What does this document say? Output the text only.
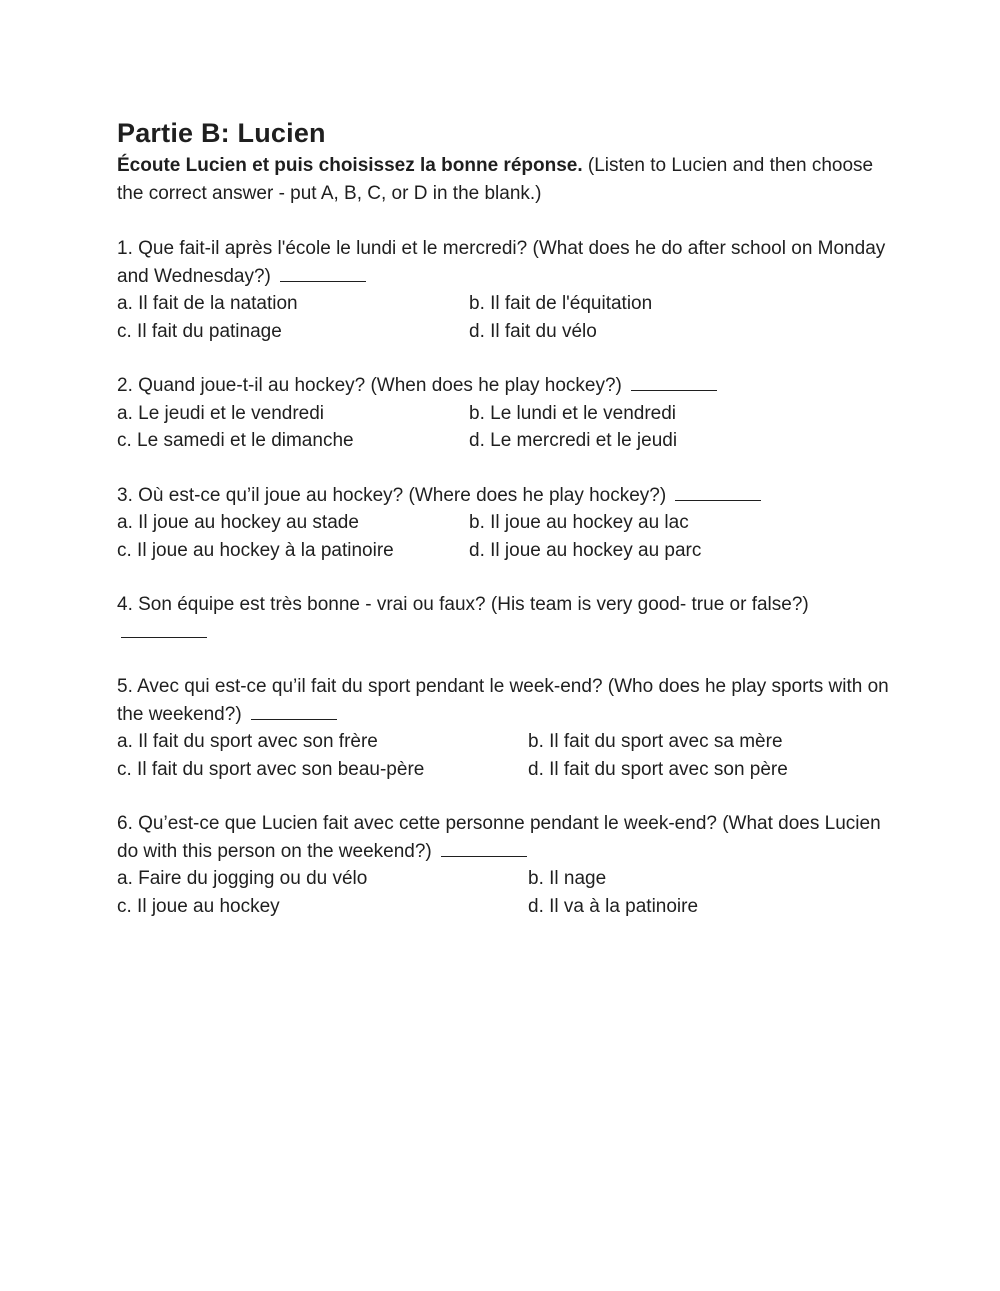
Partie B: Lucien
Écoute Lucien et puis choisissez la bonne réponse. (Listen to Lucien and then choose the correct answer - put A, B, C, or D in the blank.)
1. Que fait-il après l'école le lundi et le mercredi? (What does he do after school on Monday and Wednesday?)
a. Il fait de la natation	b. Il fait de l'équitation
c. Il fait du patinage	d. Il fait du vélo
2. Quand joue-t-il au hockey? (When does he play hockey?)
a. Le jeudi et le vendredi	b. Le lundi et le vendredi
c. Le samedi et le dimanche	d. Le mercredi et le jeudi
3. Où est-ce qu’il joue au hockey? (Where does he play hockey?)
a. Il joue au hockey au stade	b. Il joue au hockey au lac
c. Il joue au hockey à la patinoire	d. Il joue au hockey au parc
4. Son équipe est très bonne - vrai ou faux? (His team is very good- true or false?)
5. Avec qui est-ce qu’il fait du sport pendant le week-end? (Who does he play sports with on the weekend?)
a. Il fait du sport avec son frère	b. Il fait du sport avec sa mère
c. Il fait du sport avec son beau-père	d. Il fait du sport avec son père
6. Qu’est-ce que Lucien fait avec cette personne pendant le week-end? (What does Lucien do with this person on the weekend?)
a. Faire du jogging ou du vélo	b. Il nage
c. Il joue au hockey	d. Il va à la patinoire
